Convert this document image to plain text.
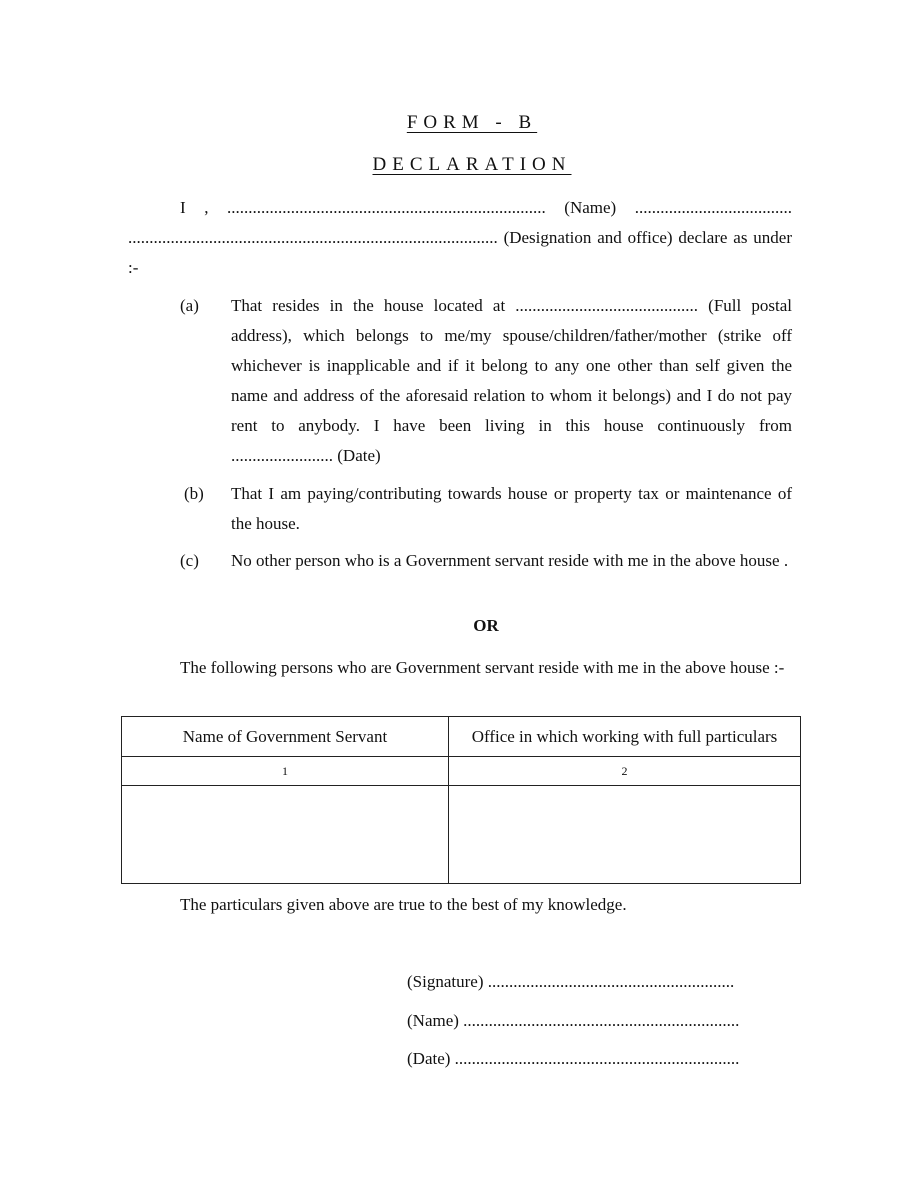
FORM - B
DECLARATION

I , ........................................................................... (Name) ..................................... ....................................................................................... (Designation and office) declare as under :-

(a) That resides in the house located at ........................................... (Full postal address), which belongs to me/my spouse/children/father/mother (strike off whichever is inapplicable and if it belong to any one other than self given the name and address of the aforesaid relation to whom it belongs) and I do not pay rent to anybody. I have been living in this house continuously from ........................ (Date)
(b) That I am paying/contributing towards house or property tax or maintenance of the house.
(c) No other person who is a Government servant reside with me in the above house .
OR

The following persons who are Government servant reside with me in the above house :-

Name of Government Servant	Office in which working with full particulars
1	2

The particulars given above are true to the best of my knowledge.
(Signature) ..........................................................
(Name) .................................................................
(Date) ...................................................................
